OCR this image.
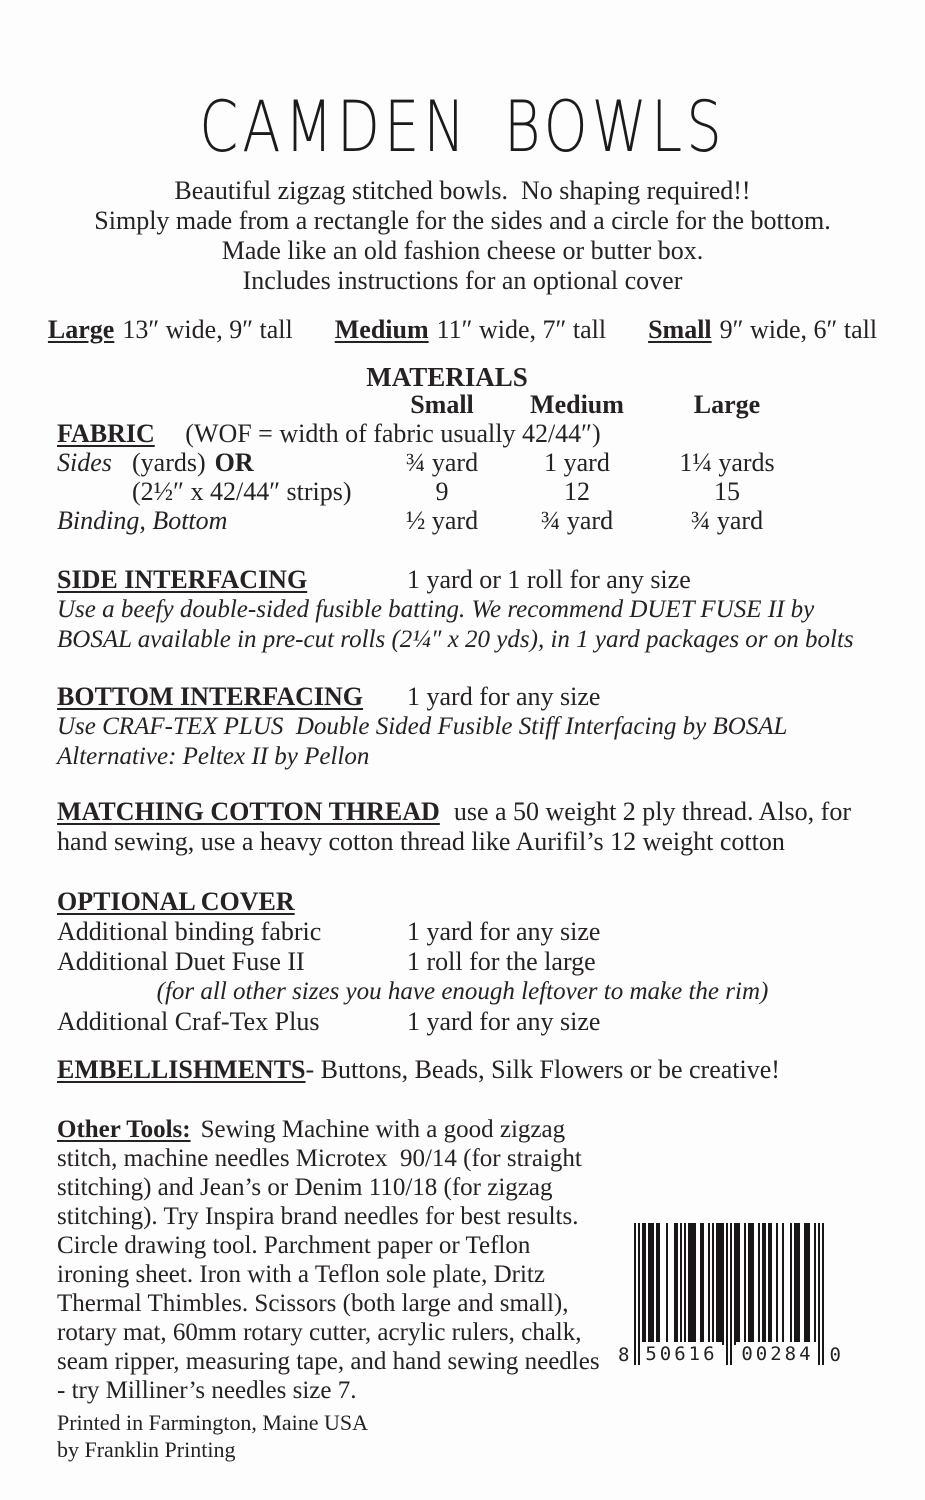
CAMDEN BOWLS
Beautiful zigzag stitched bowls.  No shaping required!!
Simply made from a rectangle for the sides and a circle for the bottom.
Made like an old fashion cheese or butter box.
Includes instructions for an optional cover
Large 13″ wide, 9″ tall Medium 11″ wide, 7″ tall Small 9″ wide, 6″ tall
MATERIALS
Small	Medium	Large
FABRIC (WOF = width of fabric usually 42/44″)
Sides (yards) OR	¾ yard	1 yard	1¼ yards
(2½″ x 42/44″ strips)	9	12	15
Binding, Bottom	½ yard	¾ yard	¾ yard
SIDE INTERFACING	1 yard or 1 roll for any size
Use a beefy double-sided fusible batting. We recommend DUET FUSE II by BOSAL available in pre-cut rolls (2¼″ x 20 yds), in 1 yard packages or on bolts
BOTTOM INTERFACING 1 yard for any size
Use CRAF-TEX PLUS  Double Sided Fusible Stiff Interfacing by BOSAL
Alternative: Peltex II by Pellon
MATCHING COTTON THREAD use a 50 weight 2 ply thread. Also, for hand sewing, use a heavy cotton thread like Aurifil’s 12 weight cotton
OPTIONAL COVER
Additional binding fabric	1 yard for any size
Additional Duet Fuse II	1 roll for the large
(for all other sizes you have enough leftover to make the rim)
Additional Craf-Tex Plus	1 yard for any size
EMBELLISHMENTS- Buttons, Beads, Silk Flowers or be creative!
8 50616 00284 0
Other Tools: Sewing Machine with a good zigzag stitch, machine needles Microtex  90/14 (for straight stitching) and Jean’s or Denim 110/18 (for zigzag stitching). Try Inspira brand needles for best results. Circle drawing tool. Parchment paper or Teflon ironing sheet. Iron with a Teflon sole plate, Dritz Thermal Thimbles. Scissors (both large and small), rotary mat, 60mm rotary cutter, acrylic rulers, chalk, seam ripper, measuring tape, and hand sewing needles - try Milliner’s needles size 7.
Printed in Farmington, Maine USA
by Franklin Printing
